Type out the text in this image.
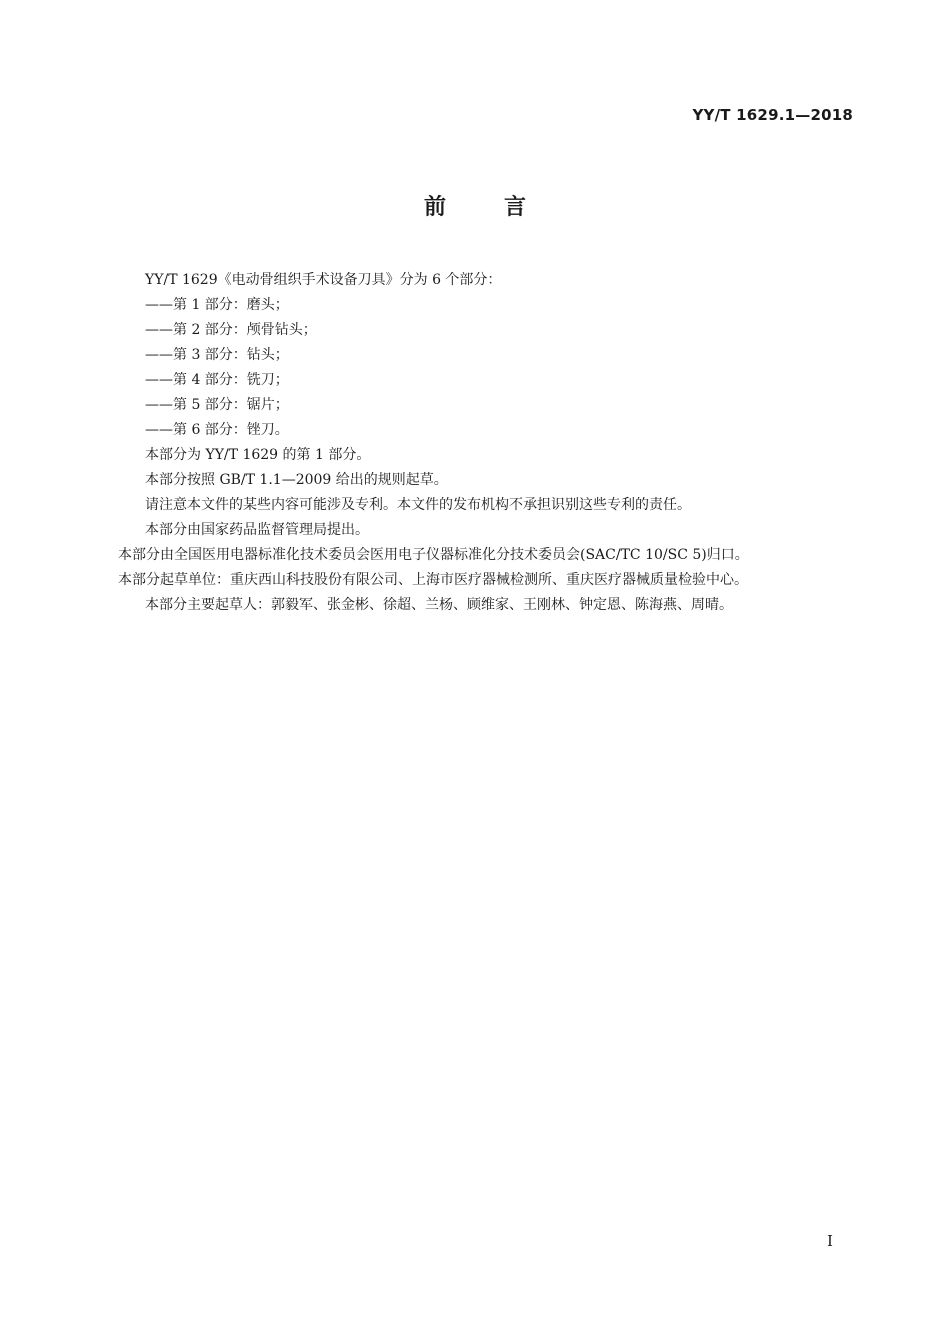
YY/T 1629.1—2018
前	言
YY/T 1629《电动骨组织手术设备刀具》分为 6 个部分：
——第 1 部分：磨头；
——第 2 部分：颅骨钻头；
——第 3 部分：钻头；
——第 4 部分：铣刀；
——第 5 部分：锯片；
——第 6 部分：锉刀。
本部分为 YY/T 1629 的第 1 部分。
本部分按照 GB/T 1.1—2009 给出的规则起草。
请注意本文件的某些内容可能涉及专利。本文件的发布机构不承担识别这些专利的责任。
本部分由国家药品监督管理局提出。
本部分由全国医用电器标准化技术委员会医用电子仪器标准化分技术委员会(SAC/TC 10/SC 5)归口。
本部分起草单位：重庆西山科技股份有限公司、上海市医疗器械检测所、重庆医疗器械质量检验中心。
本部分主要起草人：郭毅军、张金彬、徐超、兰杨、顾维家、王刚林、钟定恩、陈海燕、周晴。
I
